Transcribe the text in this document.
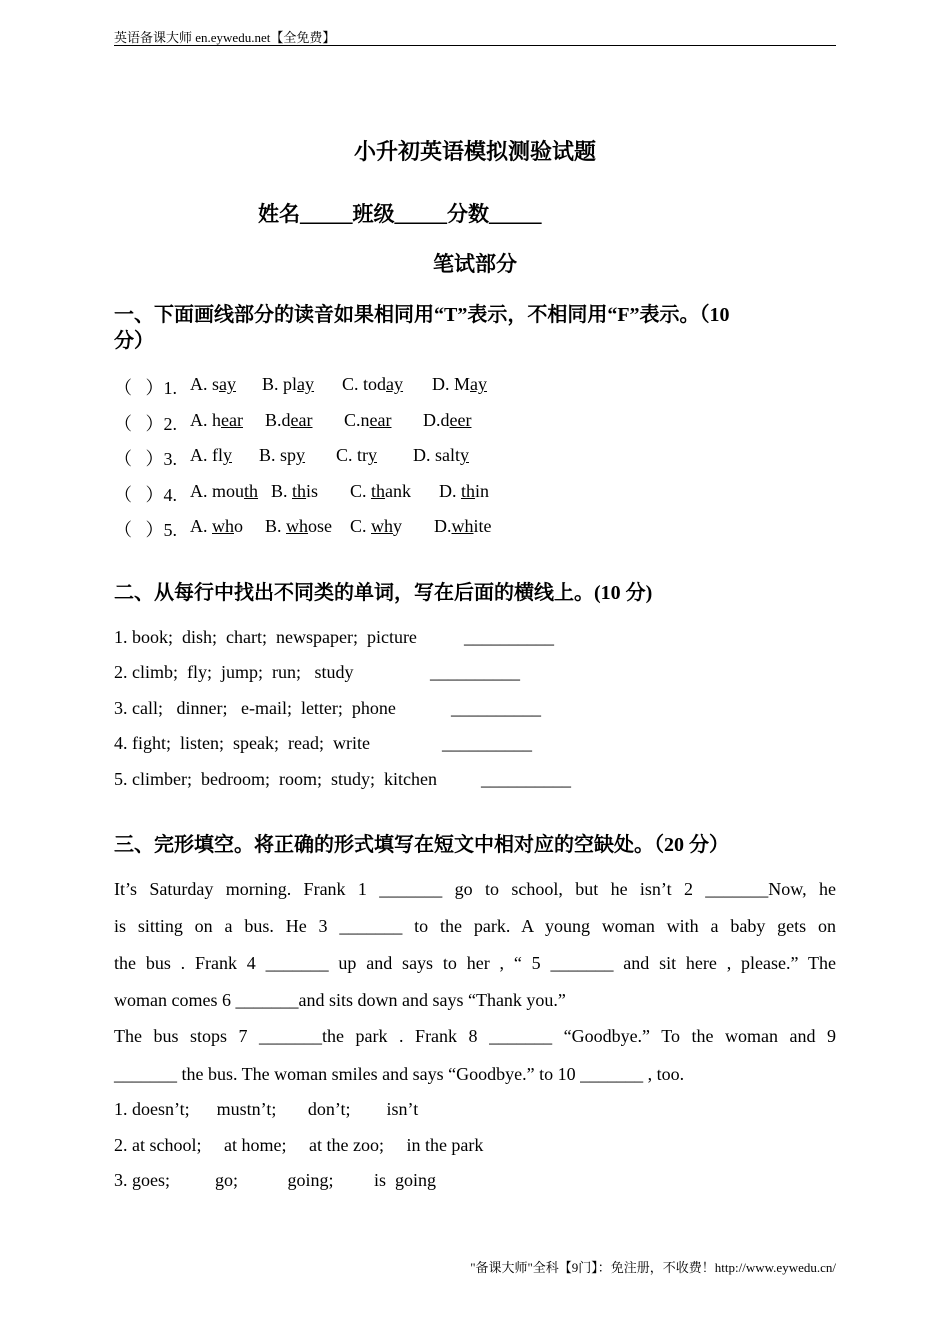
英语备课大师 en.eywedu.net【全免费】
小升初英语模拟测验试题
姓名_____班级_____分数_____
笔试部分
一、下面画线部分的读音如果相同用“T”表示，不相同用“F”表示。（10
分）
（   ）1. A. say B. play C. today D. May
（   ）2. A. hear B.dear C.near D.deer
（   ）3. A. fly B. spy C. try D. salty
（   ）4. A. mouth B. this C. thank D. thin
（   ）5. A. who B. whose C. why D.white
二、从每行中找出不同类的单词，写在后面的横线上。(10 分)
1. book;  dish;  chart;  newspaper;  picture	__________
2. climb;  fly;  jump;  run;   study	__________
3. call;   dinner;   e-mail;  letter;  phone	__________
4. fight;  listen;  speak;  read;  write	__________
5. climber;  bedroom;  room;  study;  kitchen __________
三、完形填空。将正确的形式填写在短文中相对应的空缺处。（20 分）
It’s Saturday morning. Frank 1 _______ go to school, but he isn’t 2 _______Now, he
is sitting on a bus. He 3 _______ to the park. A young woman with a baby gets on
the bus . Frank 4 _______ up and says to her , “ 5 _______ and sit here , please.” The
woman comes 6 _______and sits down and says “Thank you.”
The bus stops 7 _______the park . Frank 8 _______ “Goodbye.” To the woman and 9
_______ the bus. The woman smiles and says “Goodbye.” to 10 _______ , too.
1. doesn’t;      mustn’t;       don’t;        isn’t
2. at school;     at home;     at the zoo;     in the park
3. goes;          go;           going;         is  going
"备课大师"全科【9门】：免注册，不收费！http://www.eywedu.cn/
